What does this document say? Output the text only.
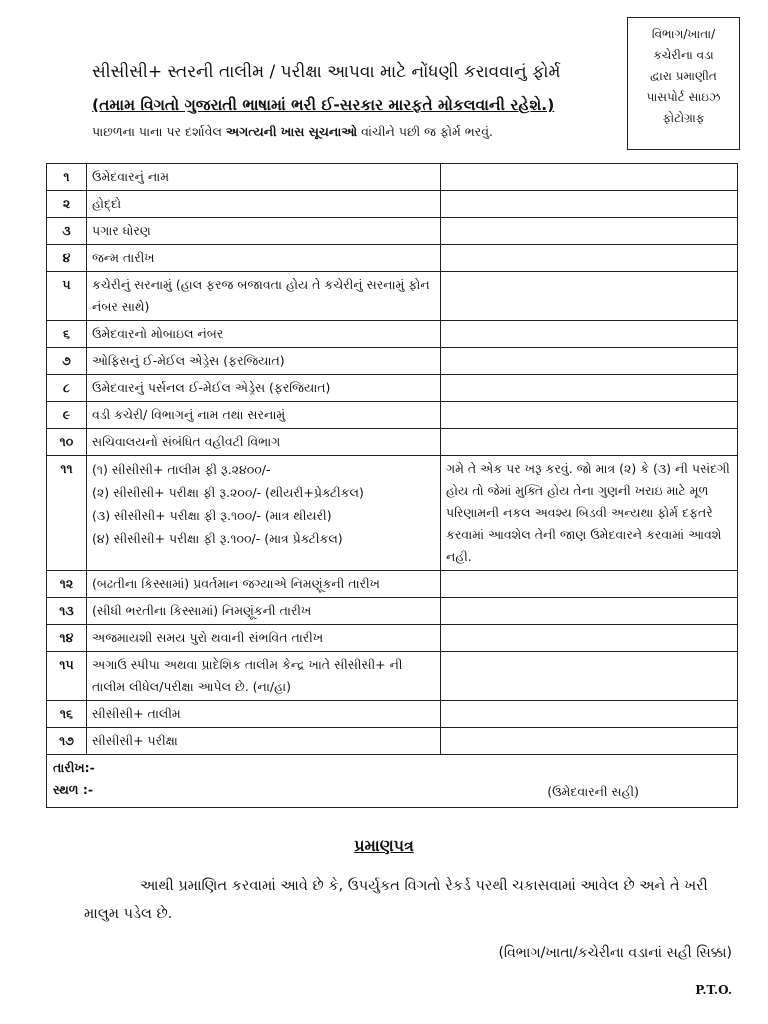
વિભાગ/ખાતા/
કચેરીના વડા
દ્વારા પ્રમાણીત
પાસપોર્ટ સાઇઝ
ફોટોગ્રાફ
સીસીસી+ સ્તરની તાલીમ / પરીક્ષા આપવા માટે નોંધણી કરાવવાનું ફોર્મ
(તમામ વિગતો ગુજરાતી ભાષામાં ભરી ઈ-સરકાર મારફતે મોકલવાની રહેશે.)
પાછળના પાના પર દર્શાવેલ અગત્યની ખાસ સૂચનાઓ વાંચીને પછી જ ફોર્મ ભરવું.
૧	ઉમેદવારનું નામ	
૨	હોદ્દો	
૩	પગાર ધોરણ	
૪	જન્મ તારીખ	
૫	કચેરીનું સરનામું (હાલ ફરજ બજાવતા હોય તે કચેરીનું સરનામું ફોન નંબર સાથે)	
૬	ઉમેદવારનો મોબાઇલ નંબર	
૭	ઓફિસનું ઈ-મેઈલ એડ્રેસ (ફરજિયાત)	
૮	ઉમેદવારનું પર્સનલ ઈ-મેઈલ એડ્રેસ (ફરજિયાત)	
૯	વડી કચેરી/ વિભાગનું નામ તથા સરનામું	
૧૦	સચિવાલયનો સંબંધિત વહીવટી વિભાગ	
૧૧	(૧) સીસીસી+ તાલીમ ફી રૂ.૨૪૦૦/-
(૨) સીસીસી+ પરીક્ષા ફી રૂ.૨૦૦/- (થીયરી+પ્રેક્ટીકલ)
(૩) સીસીસી+ પરીક્ષા ફી રૂ.૧૦૦/- (માત્ર થીયરી)
(૪) સીસીસી+ પરીક્ષા ફી રૂ.૧૦૦/- (માત્ર પ્રેક્ટીકલ)	ગમે તે એક પર ખરૂ કરવું. જો માત્ર (૨) કે (૩) ની પસંદગી હોય તો જેમાં મુક્તિ હોય તેના ગુણની ખરાઇ માટે મૂળ પરિણામની નકલ અવશ્ય બિડવી અન્યથા ફોર્મ દફતરે કરવામાં આવશેલ તેની જાણ ઉમેદવારને કરવામાં આવશે નહી.
૧૨	(બઢતીના કિસ્સામાં) પ્રવર્તમાન જગ્યાએ નિમણૂંકની તારીખ	
૧૩	(સીધી ભરતીના કિસ્સામાં) નિમણૂંકની તારીખ	
૧૪	અજમાયશી સમય પુરો થવાની સંભવિત તારીખ	
૧૫	અગાઉ સ્પીપા અથવા પ્રાદેશિક તાલીમ કેન્દ્ર ખાતે સીસીસી+ ની તાલીમ લીધેલ/પરીક્ષા આપેલ છે. (ના/હા)	
૧૬	સીસીસી+ તાલીમ	
૧૭	સીસીસી+ પરીક્ષા	

તારીખ:-
સ્થળ :- (ઉમેદવારની સહી)		
પ્રમાણપત્ર
આથી પ્રમાણિત કરવામાં આવે છે કે, ઉપર્યુકત વિગતો રેકર્ડ પરથી ચકાસવામાં આવેલ છે અને તે ખરી માલુમ પડેલ છે.
(વિભાગ/ખાતા/કચેરીના વડાનાં સહી સિક્કા)
P.T.O.
